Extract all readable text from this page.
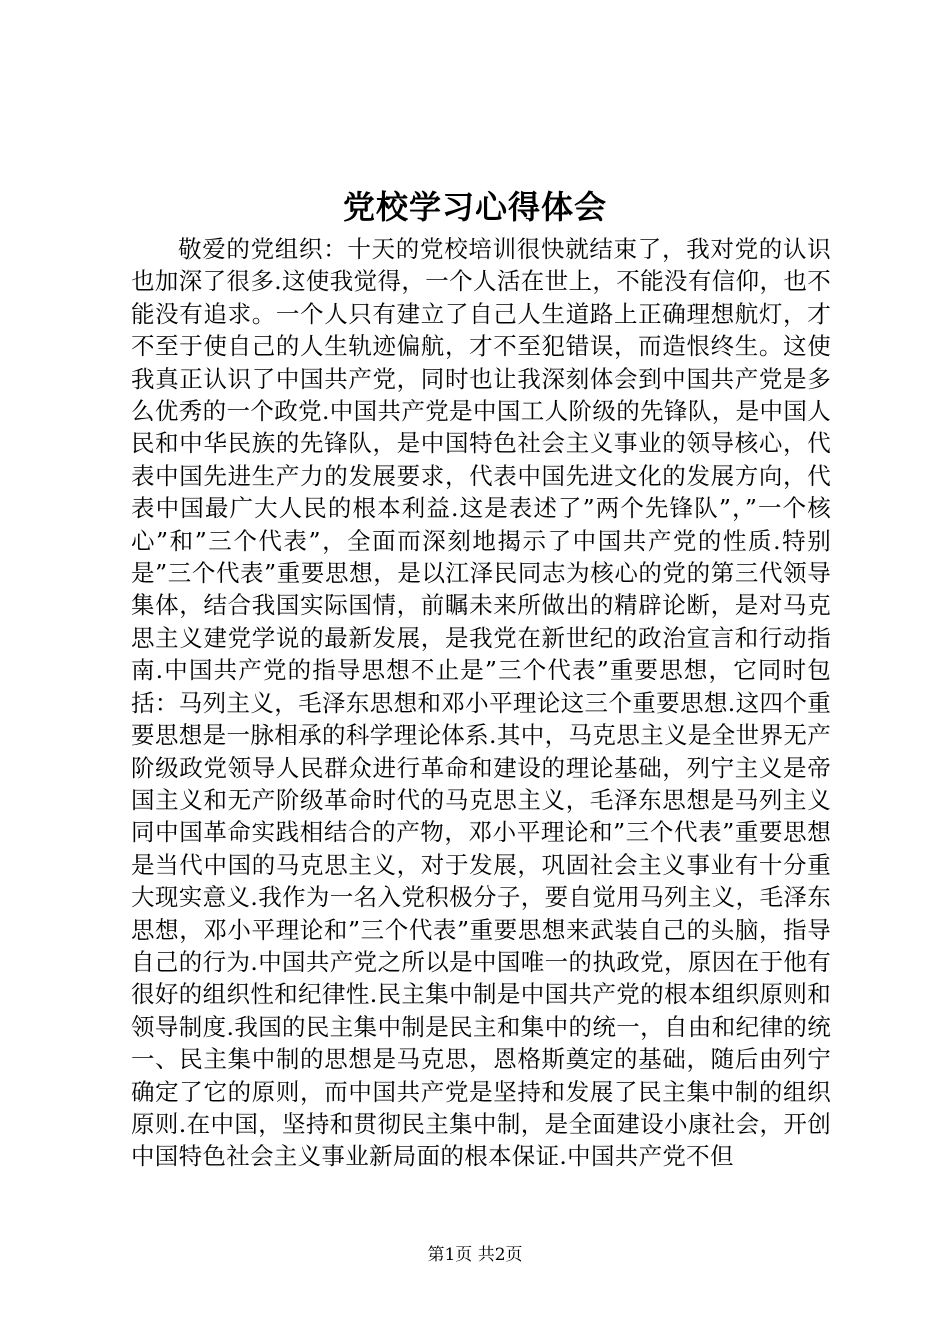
党校学习心得体会

敬爱的党组织：十天的党校培训很快就结束了，我对党的认识也加深了很多.这使我觉得，一个人活在世上，不能没有信仰，也不能没有追求。一个人只有建立了自己人生道路上正确理想航灯，才不至于使自己的人生轨迹偏航，才不至犯错误，而造恨终生。这使我真正认识了中国共产党，同时也让我深刻体会到中国共产党是多么优秀的一个政党.中国共产党是中国工人阶级的先锋队，是中国人民和中华民族的先锋队，是中国特色社会主义事业的领导核心，代表中国先进生产力的发展要求，代表中国先进文化的发展方向，代表中国最广大人民的根本利益.这是表述了”两个先锋队”，”一个核心”和”三个代表”，全面而深刻地揭示了中国共产党的性质.特别是”三个代表”重要思想，是以江泽民同志为核心的党的第三代领导集体，结合我国实际国情，前瞩未来所做出的精辟论断，是对马克思主义建党学说的最新发展，是我党在新世纪的政治宣言和行动指南.中国共产党的指导思想不止是”三个代表”重要思想，它同时包括：马列主义，毛泽东思想和邓小平理论这三个重要思想.这四个重要思想是一脉相承的科学理论体系.其中，马克思主义是全世界无产阶级政党领导人民群众进行革命和建设的理论基础，列宁主义是帝国主义和无产阶级革命时代的马克思主义，毛泽东思想是马列主义同中国革命实践相结合的产物，邓小平理论和”三个代表”重要思想是当代中国的马克思主义，对于发展，巩固社会主义事业有十分重大现实意义.我作为一名入党积极分子，要自觉用马列主义，毛泽东思想，邓小平理论和”三个代表”重要思想来武装自己的头脑，指导自己的行为.中国共产党之所以是中国唯一的执政党，原因在于他有很好的组织性和纪律性.民主集中制是中国共产党的根本组织原则和领导制度.我国的民主集中制是民主和集中的统一，自由和纪律的统一、民主集中制的思想是马克思，恩格斯奠定的基础，随后由列宁确定了它的原则，而中国共产党是坚持和发展了民主集中制的组织原则.在中国，坚持和贯彻民主集中制，是全面建设小康社会，开创中国特色社会主义事业新局面的根本保证.中国共产党不但

第1页 共2页
